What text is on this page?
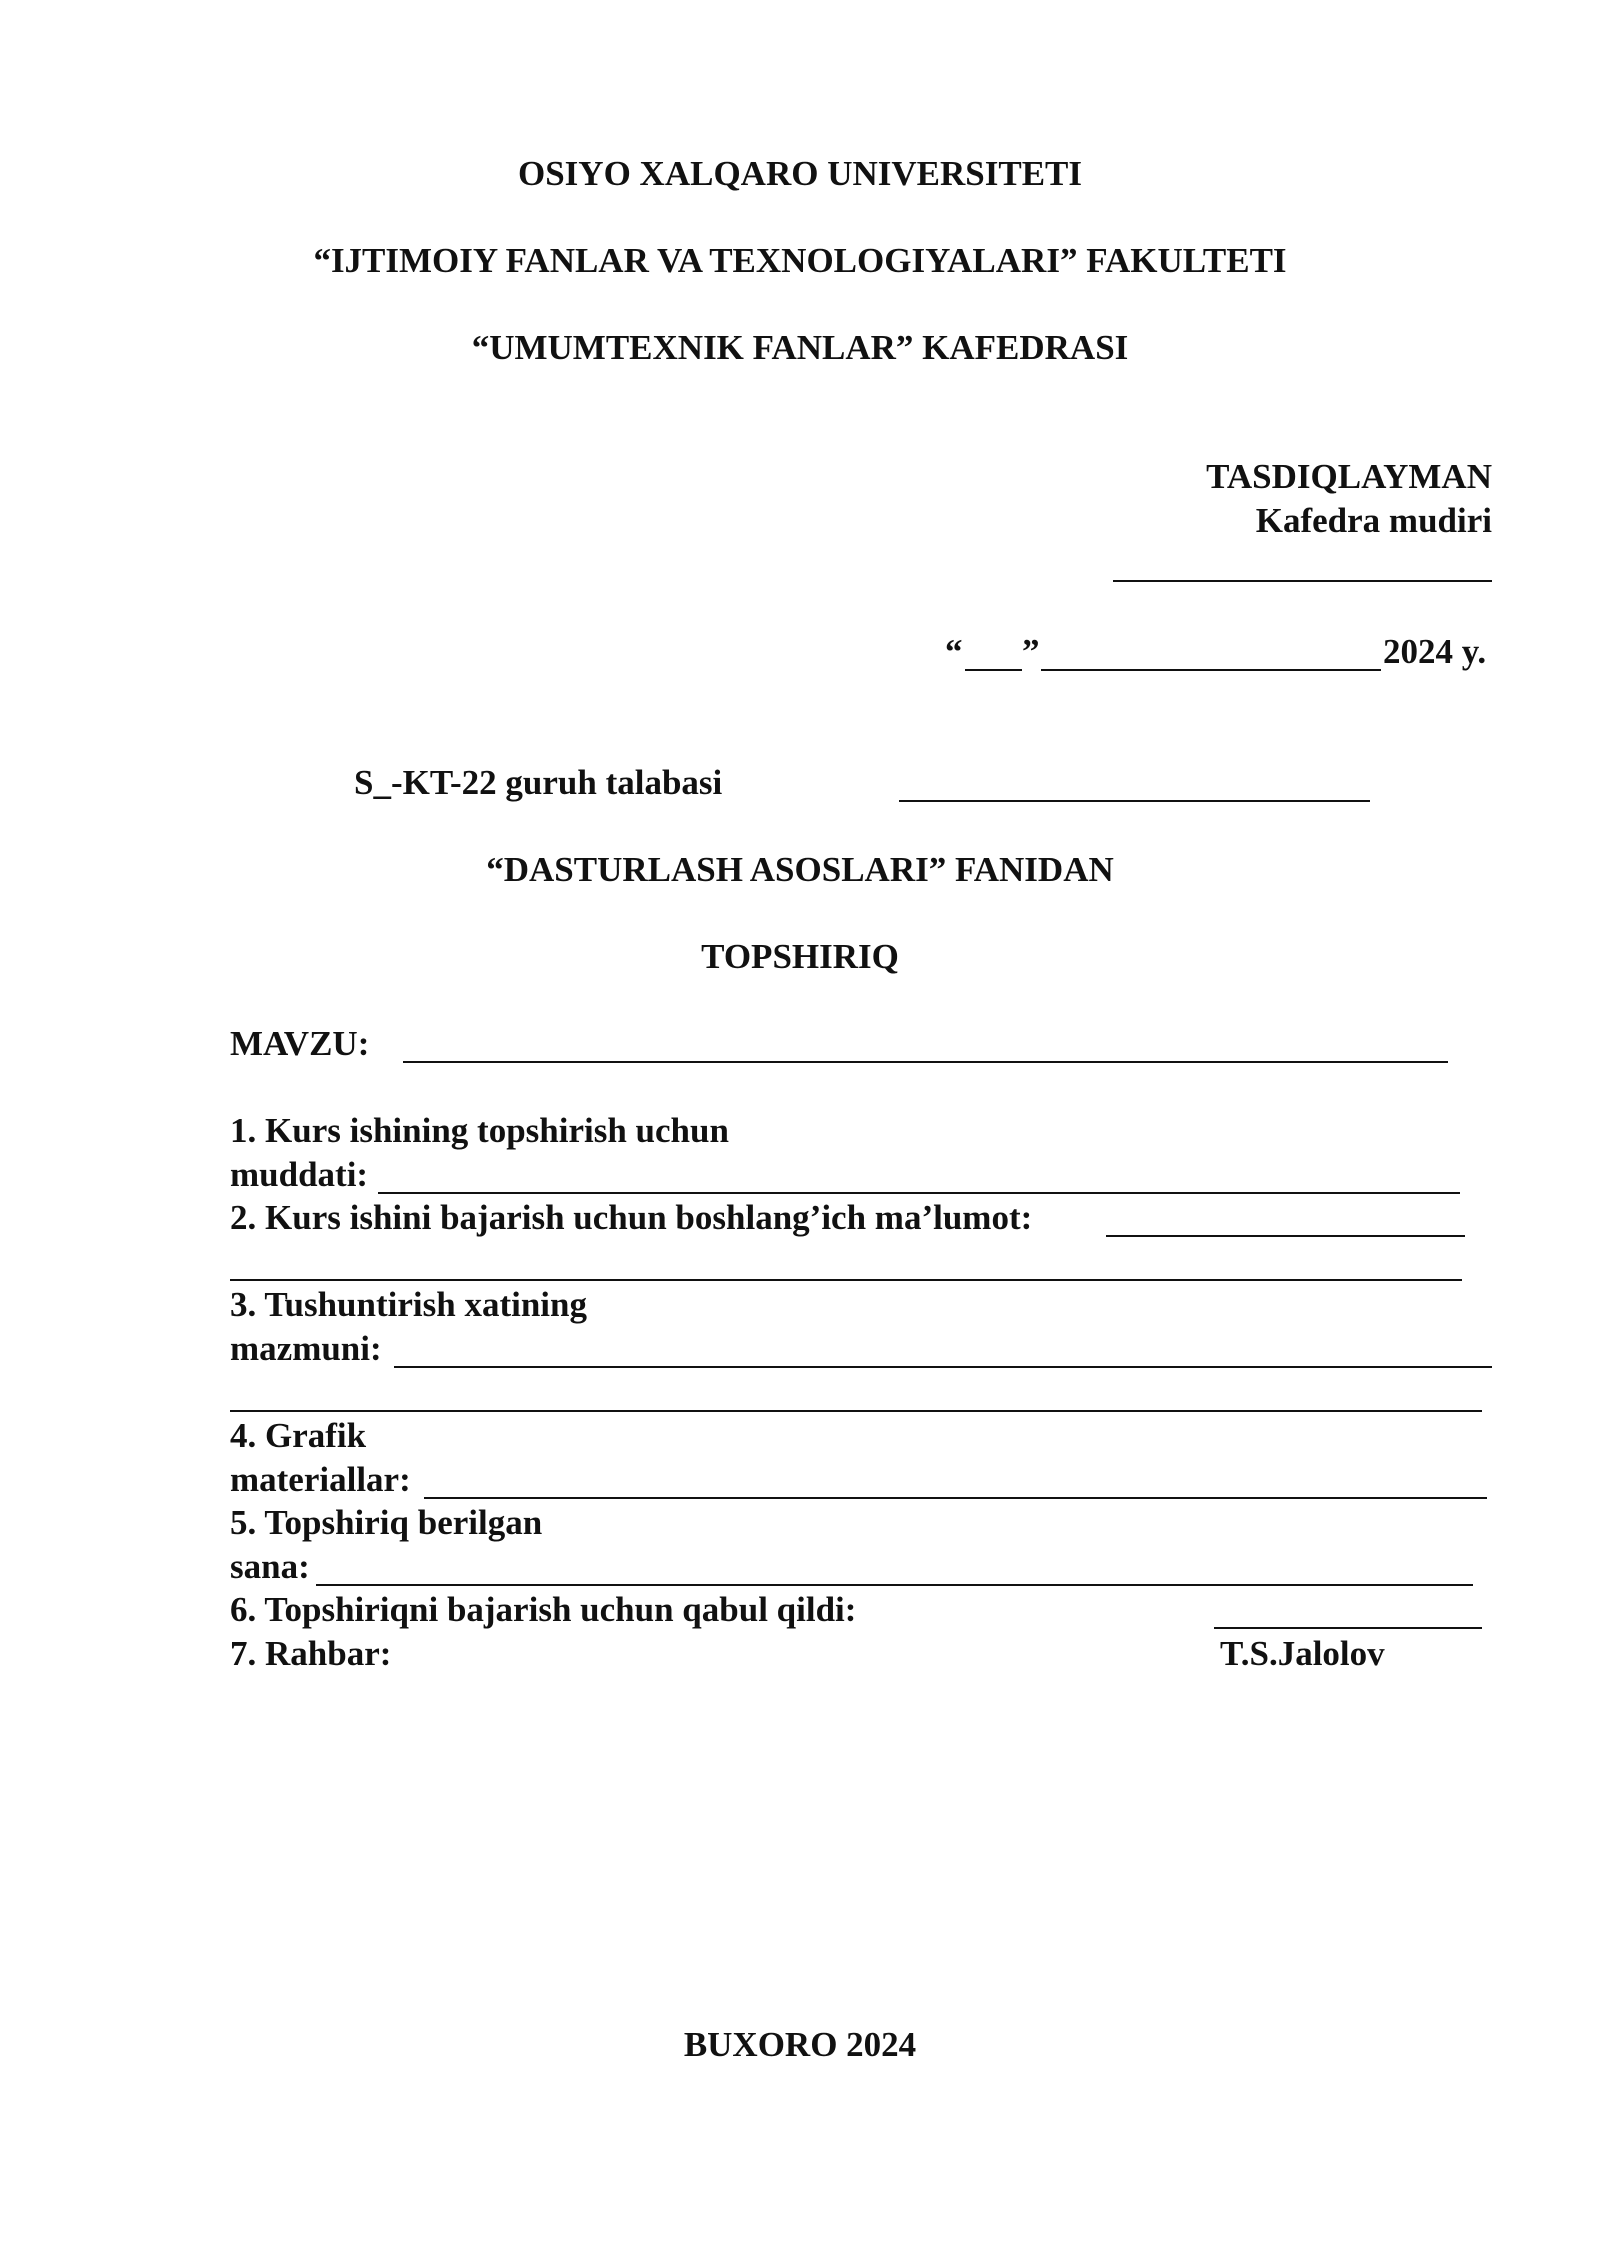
OSIYO XALQARO UNIVERSITETI
“IJTIMOIY FANLAR VA TEXNOLOGIYALARI” FAKULTETI
“UMUMTEXNIK FANLAR” KAFEDRASI
TASDIQLAYMAN
Kafedra mudiri
“ ”	2024 y.
S_-KT-22 guruh talabasi
“DASTURLASH ASOSLARI” FANIDAN
TOPSHIRIQ
MAVZU:
1. Kurs ishining topshirish uchun
muddati:
2. Kurs ishini bajarish uchun boshlang’ich ma’lumot:
3. Tushuntirish xatining
mazmuni:
4. Grafik
materiallar:
5. Topshiriq berilgan
sana:
6. Topshiriqni bajarish uchun qabul qildi:
7. Rahbar:	T.S.Jalolov
BUXORO 2024
